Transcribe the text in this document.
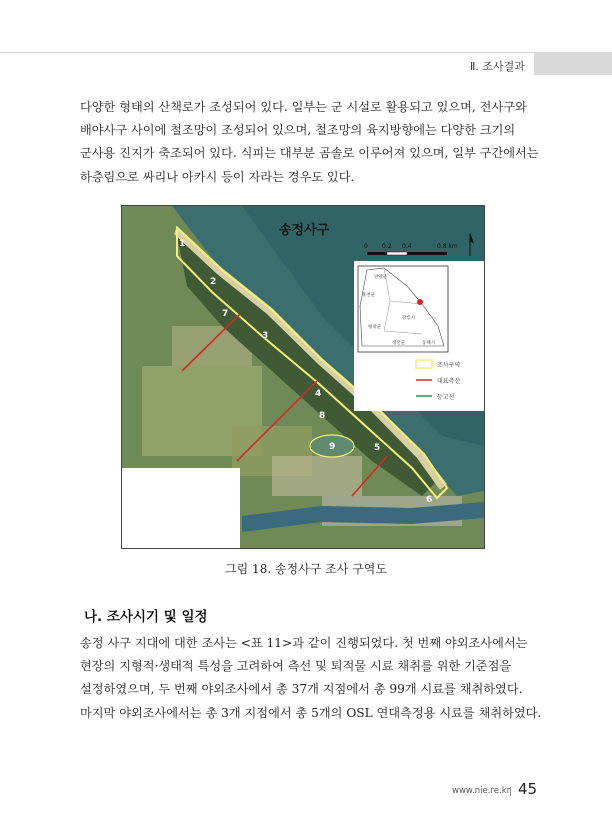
Ⅱ. 조사결과
다양한 형태의 산책로가 조성되어 있다. 일부는 군 시설로 활용되고 있으며, 전사구와
배야사구 사이에 철조망이 조성되어 있으며, 철조망의 육지방향에는 다양한 크기의
군사용 진지가 축조되어 있다. 식피는 대부분 곰솔로 이루어져 있으며, 일부 구간에서는
하층림으로 싸리나 아카시 등이 자라는 경우도 있다.
1
2
3
4
5
6
7
8
9
송정사구
0 0.2 0.4	0.8 km
양양군
홍천군
강릉시
평창군
정선군	동해시
조사구역
대표측선
등고선
그림 18. 송정사구 조사 구역도
나. 조사시기 및 일정
송정 사구 지대에 대한 조사는 <표 11>과 같이 진행되었다. 첫 번째 야외조사에서는
현장의 지형적·생태적 특성을 고려하여 측선 및 퇴적물 시료 채취를 위한 기준점을
설정하였으며, 두 번째 야외조사에서 총 37개 지점에서 총 99개 시료를 채취하였다.
마지막 야외조사에서는 총 3개 지점에서 총 5개의 OSL 연대측정용 시료를 채취하였다.
www.nie.re.kr 45
